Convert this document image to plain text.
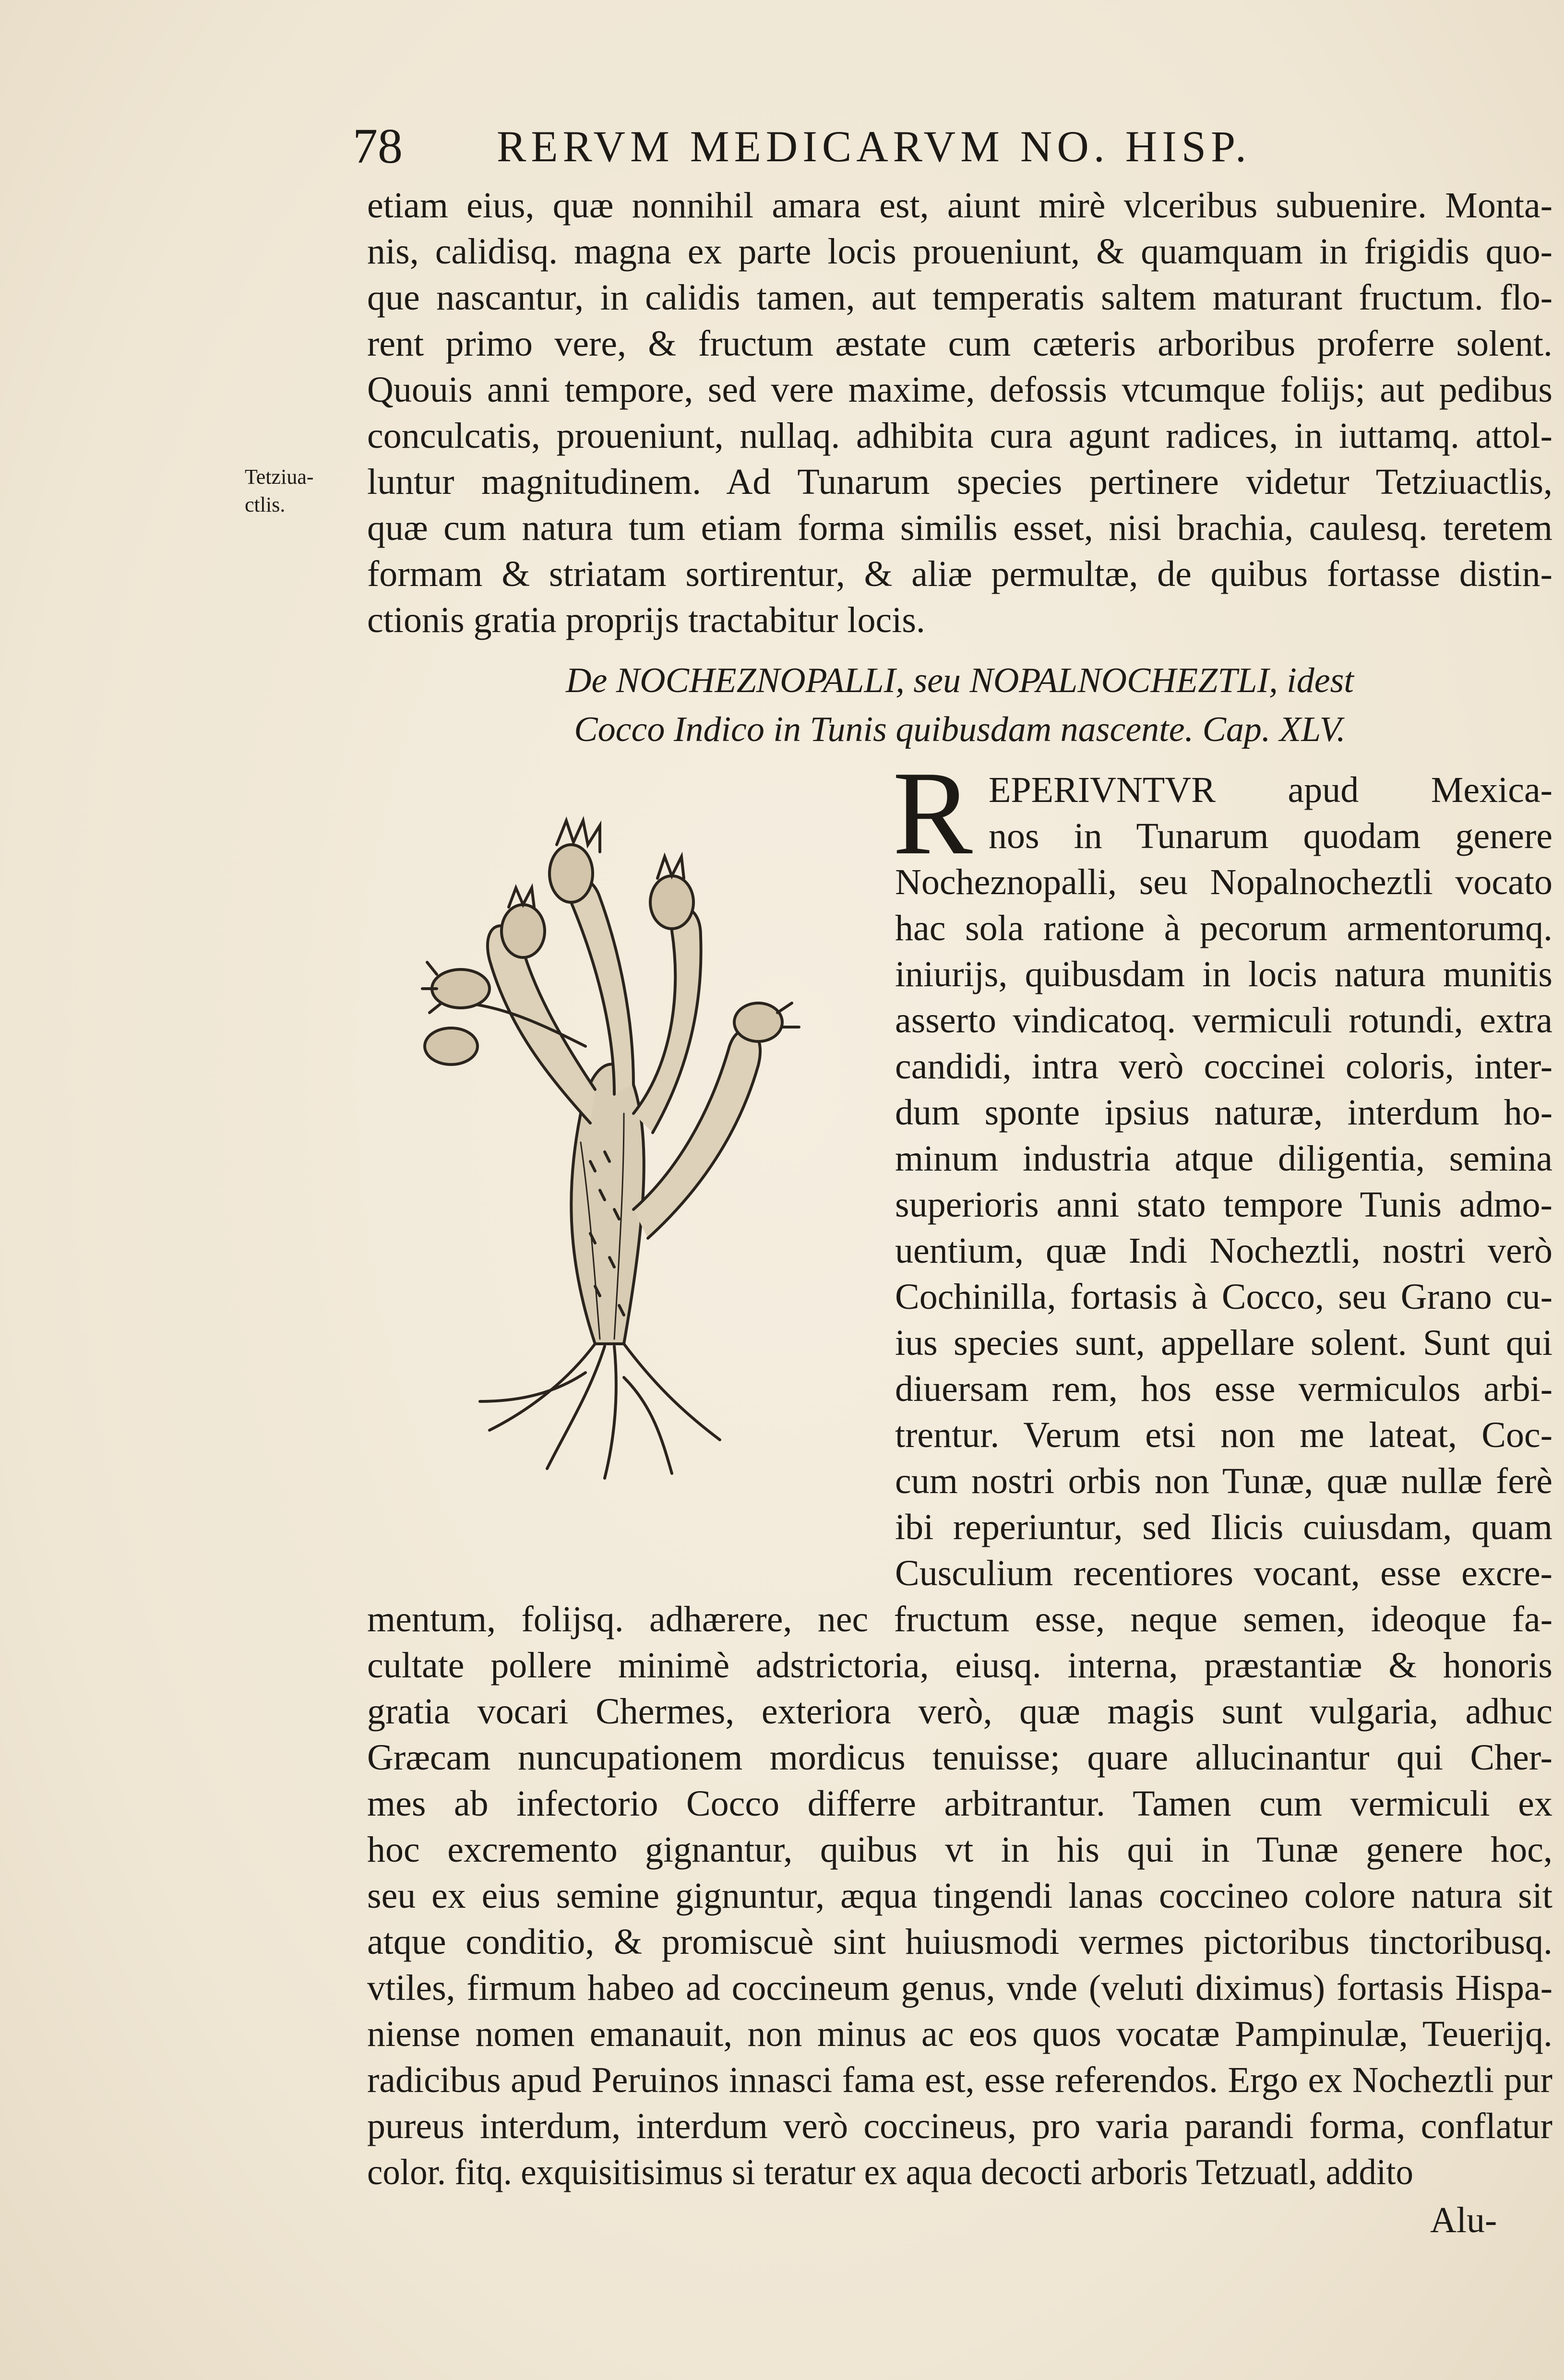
78 RERVM MEDICARVM NO. HISP.
Tetziua-
ctlis.
etiam eius, quæ nonnihil amara est, aiunt mirè vlceribus subuenire. Monta-
nis, calidisq. magna ex parte locis proueniunt, & quamquam in frigidis quo-
que nascantur, in calidis tamen, aut temperatis saltem maturant fructum. flo-
rent primo vere, & fructum æstate cum cæteris arboribus proferre solent.
Quouis anni tempore, sed vere maxime, defossis vtcumque folijs; aut pedibus
conculcatis, proueniunt, nullaq. adhibita cura agunt radices, in iuttamq. attol-
luntur magnitudinem. Ad Tunarum species pertinere videtur Tetziuactlis,
quæ cum natura tum etiam forma similis esset, nisi brachia, caulesq. teretem
formam & striatam sortirentur, & aliæ permultæ, de quibus fortasse distin-
ctionis gratia proprijs tractabitur locis.
De NOCHEZNOPALLI, seu NOPALNOCHEZTLI, idest
Cocco Indico in Tunis quibusdam nascente. Cap. XLV.
R EPERIVNTVR apud Mexica-
nos in Tunarum quodam genere
Nocheznopalli, seu Nopalnocheztli vocato
hac sola ratione à pecorum armentorumq.
iniurijs, quibusdam in locis natura munitis
asserto vindicatoq. vermiculi rotundi, extra
candidi, intra verò coccinei coloris, inter-
dum sponte ipsius naturæ, interdum ho-
minum industria atque diligentia, semina
superioris anni stato tempore Tunis admo-
uentium, quæ Indi Nocheztli, nostri verò
Cochinilla, fortasis à Cocco, seu Grano cu-
ius species sunt, appellare solent. Sunt qui
diuersam rem, hos esse vermiculos arbi-
trentur. Verum etsi non me lateat, Coc-
cum nostri orbis non Tunæ, quæ nullæ ferè
ibi reperiuntur, sed Ilicis cuiusdam, quam
Cusculium recentiores vocant, esse excre-
mentum, folijsq. adhærere, nec fructum esse, neque semen, ideoque fa-
cultate pollere minimè adstrictoria, eiusq. interna, præstantiæ & honoris
gratia vocari Chermes, exteriora verò, quæ magis sunt vulgaria, adhuc
Græcam nuncupationem mordicus tenuisse; quare allucinantur qui Cher-
mes ab infectorio Cocco differre arbitrantur. Tamen cum vermiculi ex
hoc excremento gignantur, quibus vt in his qui in Tunæ genere hoc,
seu ex eius semine gignuntur, æqua tingendi lanas coccineo colore natura sit
atque conditio, & promiscuè sint huiusmodi vermes pictoribus tinctoribusq.
vtiles, firmum habeo ad coccineum genus, vnde (veluti diximus) fortasis Hispa-
niense nomen emanauit, non minus ac eos quos vocatæ Pampinulæ, Teuerijq.
radicibus apud Peruinos innasci fama est, esse referendos. Ergo ex Nocheztli pur
pureus interdum, interdum verò coccineus, pro varia parandi forma, conflatur
color. fitq. exquisitisimus si teratur ex aqua decocti arboris Tetzuatl, addito
Alu-
